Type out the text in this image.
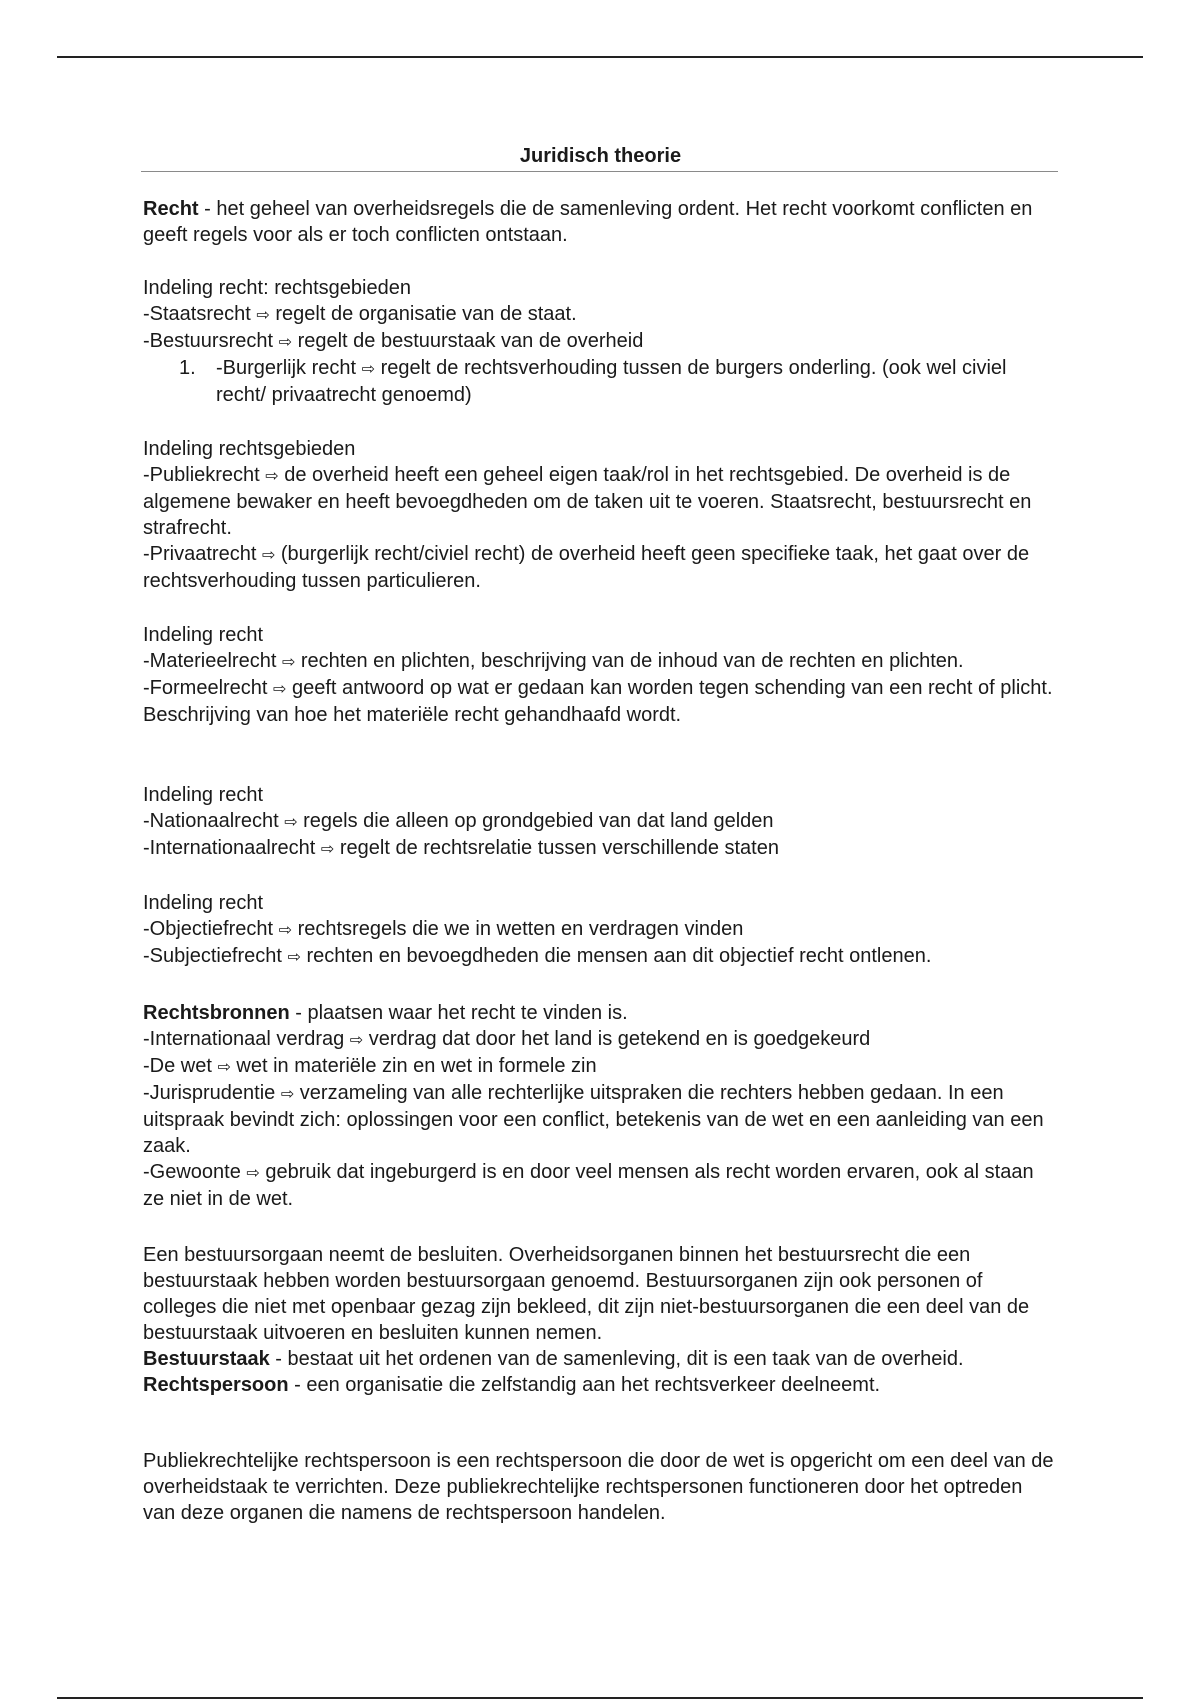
Juridisch theorie
Recht - het geheel van overheidsregels die de samenleving ordent. Het recht voorkomt conflicten en geeft regels voor als er toch conflicten ontstaan.
Indeling recht: rechtsgebieden
-Staatsrecht ⇨ regelt de organisatie van de staat.
-Bestuursrecht ⇨ regelt de bestuurstaak van de overheid
1. -Burgerlijk recht ⇨ regelt de rechtsverhouding tussen de burgers onderling. (ook wel civiel recht/ privaatrecht genoemd)
Indeling rechtsgebieden
-Publiekrecht ⇨ de overheid heeft een geheel eigen taak/rol in het rechtsgebied. De overheid is de algemene bewaker en heeft bevoegdheden om de taken uit te voeren. Staatsrecht, bestuursrecht en strafrecht.
-Privaatrecht ⇨ (burgerlijk recht/civiel recht) de overheid heeft geen specifieke taak, het gaat over de rechtsverhouding tussen particulieren.
Indeling recht
-Materieelrecht ⇨ rechten en plichten, beschrijving van de inhoud van de rechten en plichten.
-Formeelrecht ⇨ geeft antwoord op wat er gedaan kan worden tegen schending van een recht of plicht. Beschrijving van hoe het materiële recht gehandhaafd wordt.
Indeling recht
-Nationaalrecht ⇨ regels die alleen op grondgebied van dat land gelden
-Internationaalrecht ⇨ regelt de rechtsrelatie tussen verschillende staten
Indeling recht
-Objectiefrecht ⇨ rechtsregels die we in wetten en verdragen vinden
-Subjectiefrecht ⇨ rechten en bevoegdheden die mensen aan dit objectief recht ontlenen.
Rechtsbronnen - plaatsen waar het recht te vinden is.
-Internationaal verdrag ⇨ verdrag dat door het land is getekend en is goedgekeurd
-De wet ⇨ wet in materiële zin en wet in formele zin
-Jurisprudentie ⇨ verzameling van alle rechterlijke uitspraken die rechters hebben gedaan. In een uitspraak bevindt zich: oplossingen voor een conflict, betekenis van de wet en een aanleiding van een zaak.
-Gewoonte ⇨ gebruik dat ingeburgerd is en door veel mensen als recht worden ervaren, ook al staan ze niet in de wet.
Een bestuursorgaan neemt de besluiten. Overheidsorganen binnen het bestuursrecht die een bestuurstaak hebben worden bestuursorgaan genoemd. Bestuursorganen zijn ook personen of colleges die niet met openbaar gezag zijn bekleed, dit zijn niet-bestuursorganen die een deel van de bestuurstaak uitvoeren en besluiten kunnen nemen.
Bestuurstaak - bestaat uit het ordenen van de samenleving, dit is een taak van de overheid.
Rechtspersoon - een organisatie die zelfstandig aan het rechtsverkeer deelneemt.
Publiekrechtelijke rechtspersoon is een rechtspersoon die door de wet is opgericht om een deel van de overheidstaak te verrichten. Deze publiekrechtelijke rechtspersonen functioneren door het optreden van deze organen die namens de rechtspersoon handelen.
